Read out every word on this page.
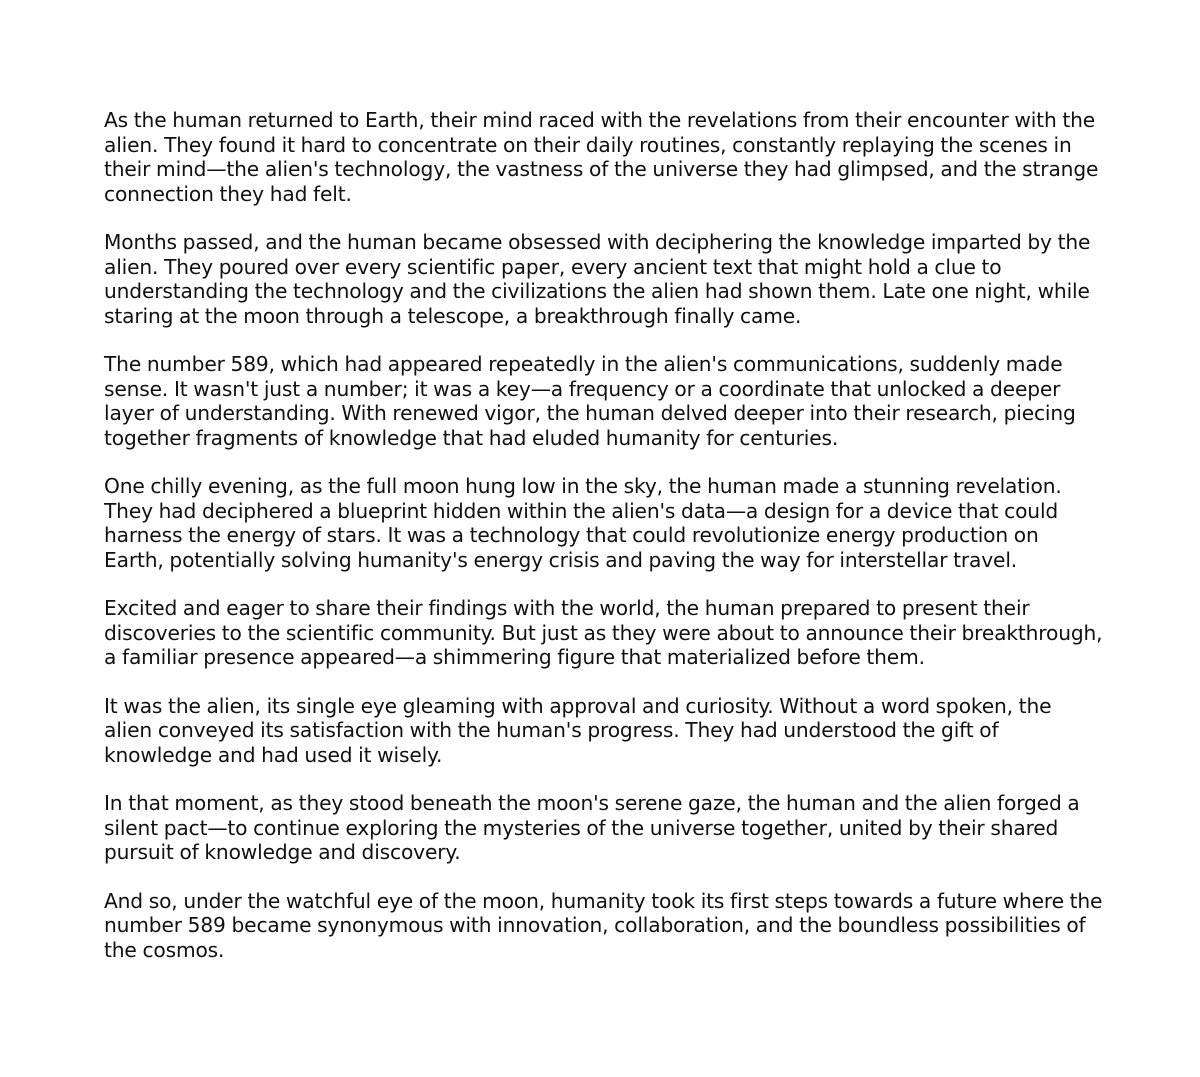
As the human returned to Earth, their mind raced with the revelations from their encounter with the alien. They found it hard to concentrate on their daily routines, constantly replaying the scenes in their mind—the alien's technology, the vastness of the universe they had glimpsed, and the strange connection they had felt.

Months passed, and the human became obsessed with deciphering the knowledge imparted by the alien. They poured over every scientific paper, every ancient text that might hold a clue to understanding the technology and the civilizations the alien had shown them. Late one night, while staring at the moon through a telescope, a breakthrough finally came.

The number 589, which had appeared repeatedly in the alien's communications, suddenly made sense. It wasn't just a number; it was a key—a frequency or a coordinate that unlocked a deeper layer of understanding. With renewed vigor, the human delved deeper into their research, piecing together fragments of knowledge that had eluded humanity for centuries.

One chilly evening, as the full moon hung low in the sky, the human made a stunning revelation. They had deciphered a blueprint hidden within the alien's data—a design for a device that could harness the energy of stars. It was a technology that could revolutionize energy production on Earth, potentially solving humanity's energy crisis and paving the way for interstellar travel.

Excited and eager to share their findings with the world, the human prepared to present their discoveries to the scientific community. But just as they were about to announce their breakthrough, a familiar presence appeared—a shimmering figure that materialized before them.

It was the alien, its single eye gleaming with approval and curiosity. Without a word spoken, the alien conveyed its satisfaction with the human's progress. They had understood the gift of knowledge and had used it wisely.

In that moment, as they stood beneath the moon's serene gaze, the human and the alien forged a silent pact—to continue exploring the mysteries of the universe together, united by their shared pursuit of knowledge and discovery.

And so, under the watchful eye of the moon, humanity took its first steps towards a future where the number 589 became synonymous with innovation, collaboration, and the boundless possibilities of the cosmos.
